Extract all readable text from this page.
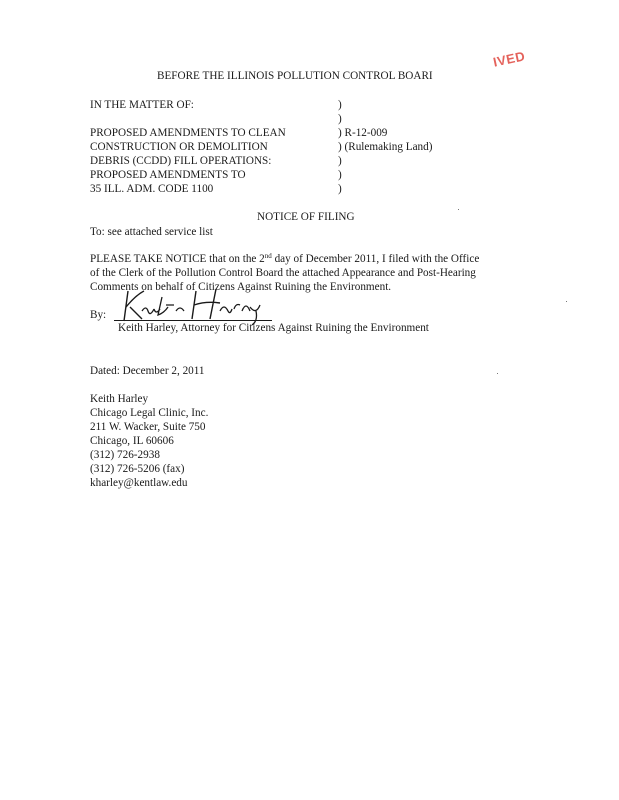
IVED
BEFORE THE ILLINOIS POLLUTION CONTROL BOARI
IN THE MATTER OF:
PROPOSED AMENDMENTS TO CLEAN
CONSTRUCTION OR DEMOLITION
DEBRIS (CCDD) FILL OPERATIONS:
PROPOSED AMENDMENTS TO
35 ILL. ADM. CODE 1100
)
)
) R-12-009
) (Rulemaking Land)
)
)
)
NOTICE OF FILING
To: see attached service list
PLEASE TAKE NOTICE that on the 2nd day of December 2011, I filed with the Office
of the Clerk of the Pollution Control Board the attached Appearance and Post-Hearing
Comments on behalf of Citizens Against Ruining the Environment.
By:
Keith Harley, Attorney for Citizens Against Ruining the Environment
Dated: December 2, 2011
Keith Harley
Chicago Legal Clinic, Inc.
211 W. Wacker, Suite 750
Chicago, IL 60606
(312) 726-2938
(312) 726-5206 (fax)
kharley@kentlaw.edu
